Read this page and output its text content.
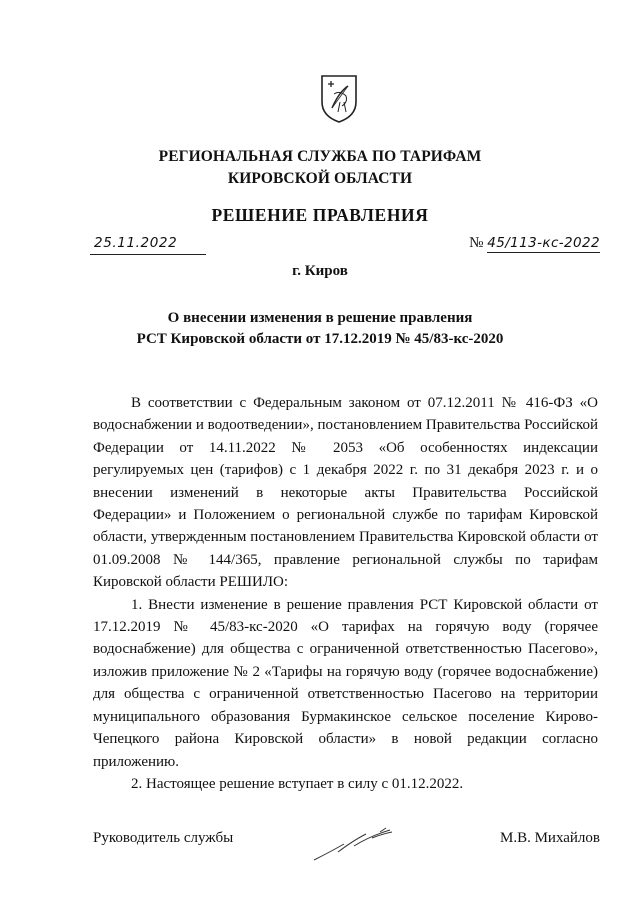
РЕГИОНАЛЬНАЯ СЛУЖБА ПО ТАРИФАМ
КИРОВСКОЙ ОБЛАСТИ
РЕШЕНИЕ ПРАВЛЕНИЯ
25.11.2022	№ 45/113-кс-2022
г. Киров
О внесении изменения в решение правления
РСТ Кировской области от 17.12.2019 № 45/83-кс-2020

В соответствии с Федеральным законом от 07.12.2011 № 416-ФЗ «О водоснабжении и водоотведении», постановлением Правительства Российской Федерации от 14.11.2022 № 2053 «Об особенностях индексации регулируемых цен (тарифов) с 1 декабря 2022 г. по 31 декабря 2023 г. и о внесении изменений в некоторые акты Правительства Российской Федерации» и Положением о региональной службе по тарифам Кировской области, утвержденным постановлением Правительства Кировской области от 01.09.2008 № 144/365, правление региональной службы по тарифам Кировской области РЕШИЛО:

1. Внести изменение в решение правления РСТ Кировской области от 17.12.2019 № 45/83-кс-2020 «О тарифах на горячую воду (горячее водоснабжение) для общества с ограниченной ответственностью Пасегово», изложив приложение № 2 «Тарифы на горячую воду (горячее водоснабжение) для общества с ограниченной ответственностью Пасегово на территории муниципального образования Бурмакинское сельское поселение Кирово-Чепецкого района Кировской области» в новой редакции согласно приложению.

2. Настоящее решение вступает в силу с 01.12.2022.

Руководитель службы	М.В. Михайлов
